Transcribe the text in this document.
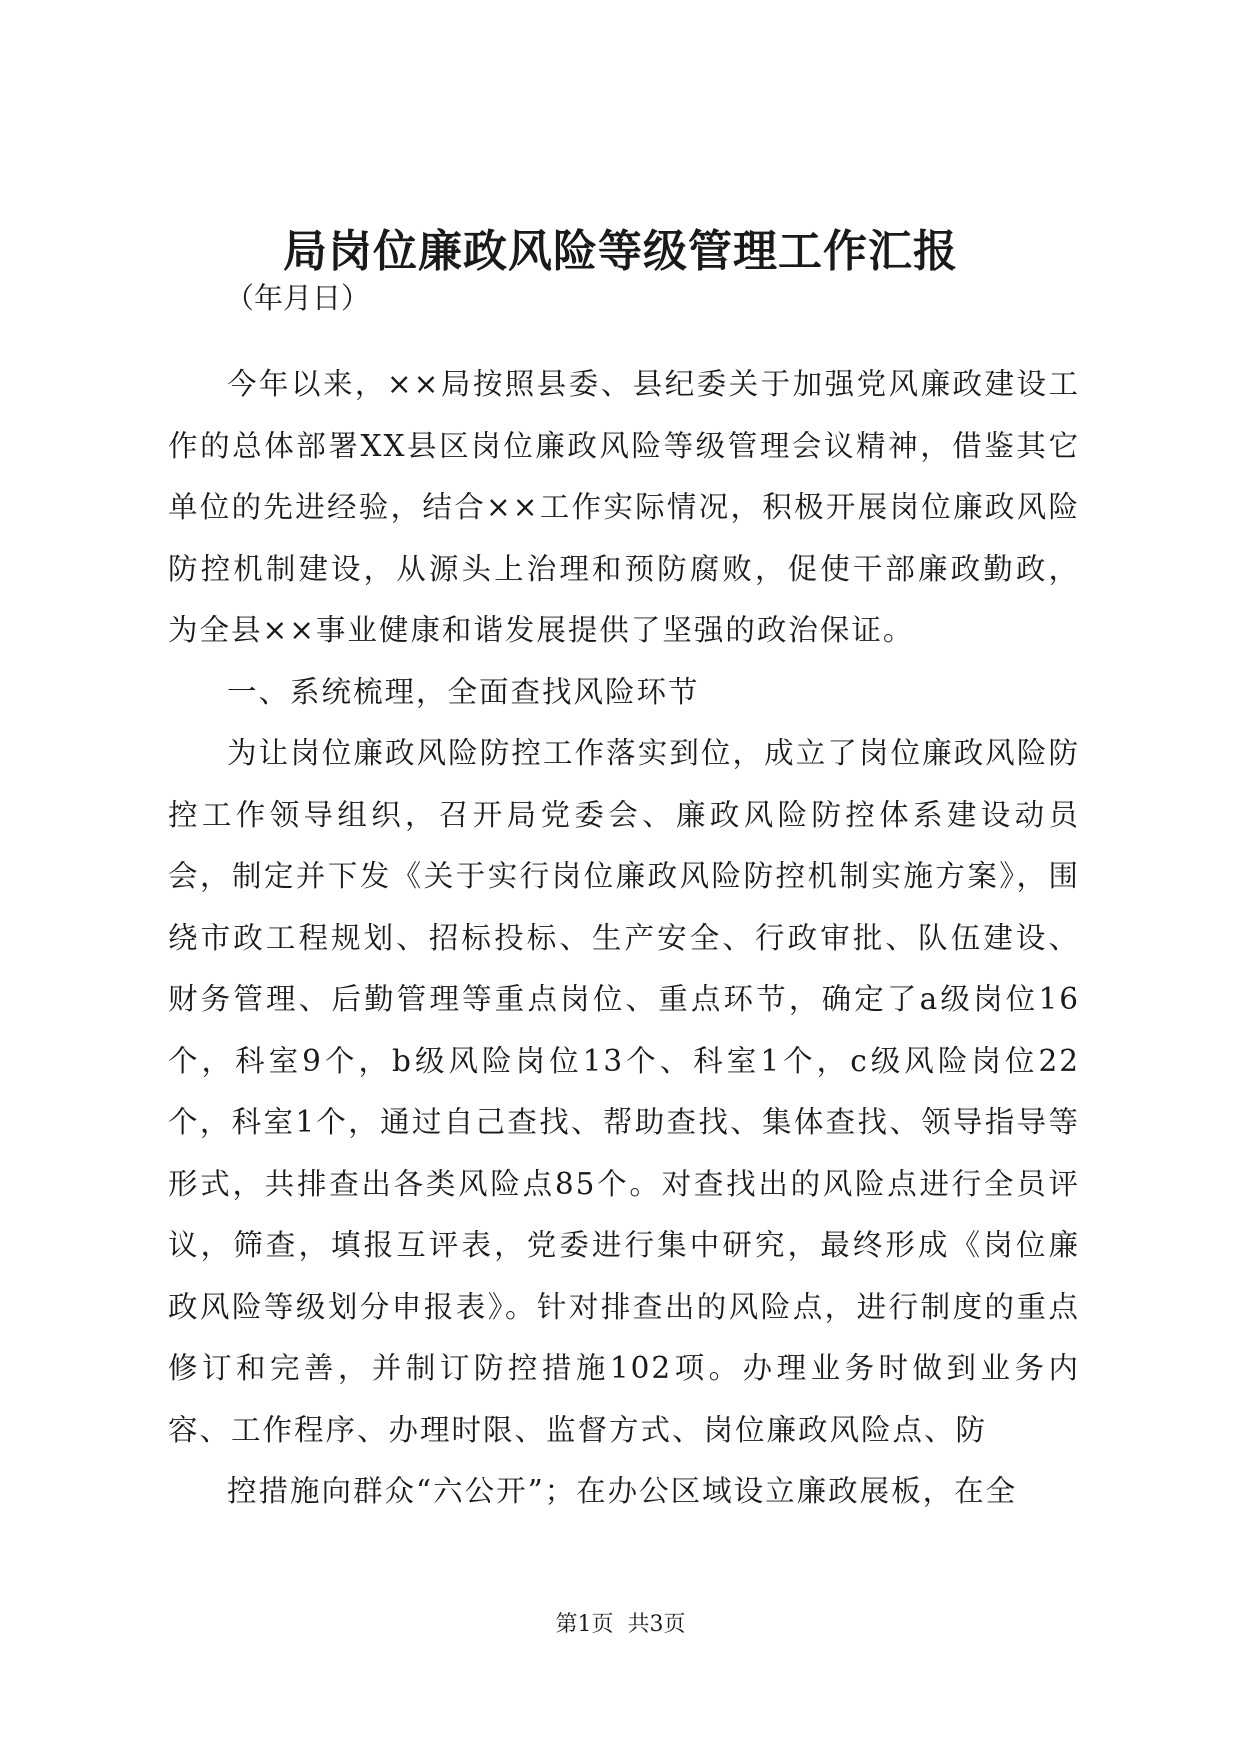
局岗位廉政风险等级管理工作汇报

（年月日）

今年以来，××局按照县委、县纪委关于加强党风廉政建设工作的总体部署XX县区岗位廉政风险等级管理会议精神，借鉴其它单位的先进经验，结合××工作实际情况，积极开展岗位廉政风险防控机制建设，从源头上治理和预防腐败，促使干部廉政勤政，为全县××事业健康和谐发展提供了坚强的政治保证。

一、系统梳理，全面查找风险环节

为让岗位廉政风险防控工作落实到位，成立了岗位廉政风险防控工作领导组织，召开局党委会、廉政风险防控体系建设动员会，制定并下发《关于实行岗位廉政风险防控机制实施方案》，围绕市政工程规划、招标投标、生产安全、行政审批、队伍建设、财务管理、后勤管理等重点岗位、重点环节，确定了a级岗位16个，科室9个，b级风险岗位13个、科室1个，c级风险岗位22个，科室1个，通过自己查找、帮助查找、集体查找、领导指导等形式，共排查出各类风险点85个。对查找出的风险点进行全员评议，筛查，填报互评表，党委进行集中研究，最终形成《岗位廉政风险等级划分申报表》。针对排查出的风险点，进行制度的重点修订和完善，并制订防控措施102项。办理业务时做到业务内容、工作程序、办理时限、监督方式、岗位廉政风险点、防

控措施向群众“六公开”；在办公区域设立廉政展板，在全

第1页  共3页
